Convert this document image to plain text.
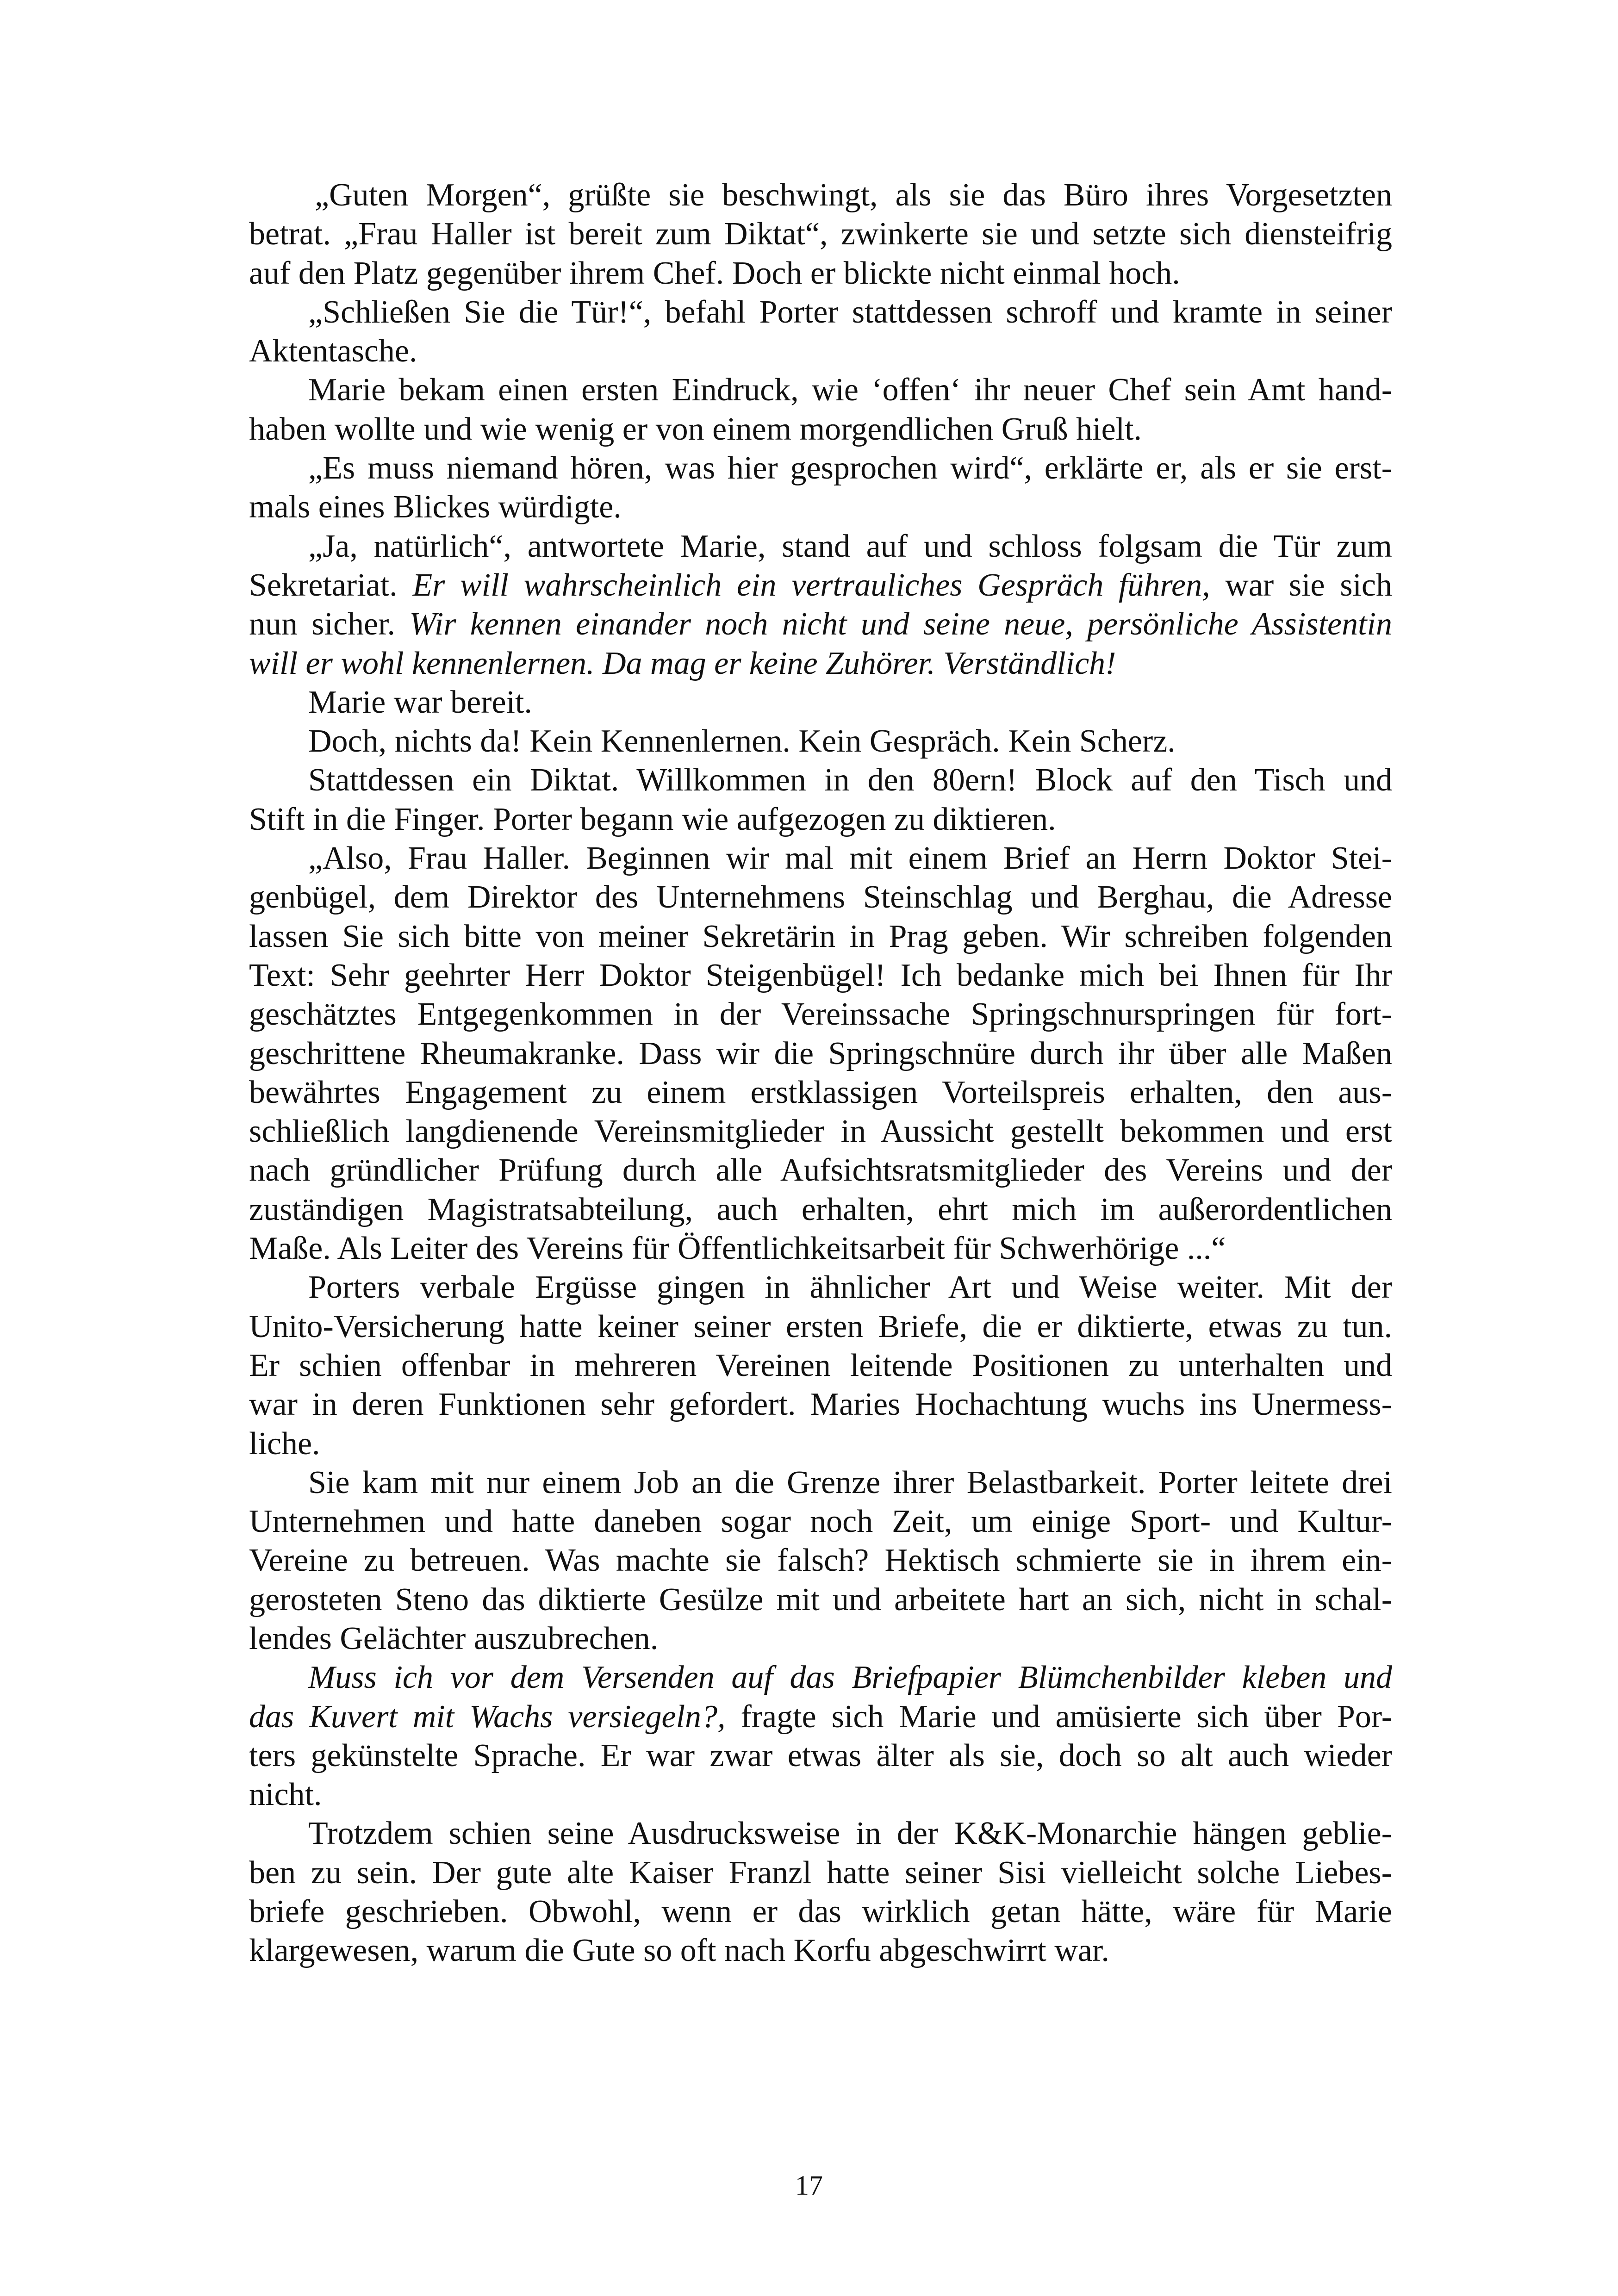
„Guten Morgen“, grüßte sie beschwingt, als sie das Büro ihres Vorgesetzten
betrat. „Frau Haller ist bereit zum Diktat“, zwinkerte sie und setzte sich diensteifrig
auf den Platz gegenüber ihrem Chef. Doch er blickte nicht einmal hoch.
„Schließen Sie die Tür!“, befahl Porter stattdessen schroff und kramte in seiner
Aktentasche.
Marie bekam einen ersten Eindruck, wie ‘offen‘ ihr neuer Chef sein Amt hand-
haben wollte und wie wenig er von einem morgendlichen Gruß hielt.
„Es muss niemand hören, was hier gesprochen wird“, erklärte er, als er sie erst-
mals eines Blickes würdigte.
„Ja, natürlich“, antwortete Marie, stand auf und schloss folgsam die Tür zum
Sekretariat. Er will wahrscheinlich ein vertrauliches Gespräch führen, war sie sich
nun sicher. Wir kennen einander noch nicht und seine neue, persönliche Assistentin
will er wohl kennenlernen. Da mag er keine Zuhörer. Verständlich!
Marie war bereit.
Doch, nichts da! Kein Kennenlernen. Kein Gespräch. Kein Scherz.
Stattdessen ein Diktat. Willkommen in den 80ern! Block auf den Tisch und
Stift in die Finger. Porter begann wie aufgezogen zu diktieren.
„Also, Frau Haller. Beginnen wir mal mit einem Brief an Herrn Doktor Stei-
genbügel, dem Direktor des Unternehmens Steinschlag und Berghau, die Adresse
lassen Sie sich bitte von meiner Sekretärin in Prag geben. Wir schreiben folgenden
Text: Sehr geehrter Herr Doktor Steigenbügel! Ich bedanke mich bei Ihnen für Ihr
geschätztes Entgegenkommen in der Vereinssache Springschnurspringen für fort-
geschrittene Rheumakranke. Dass wir die Springschnüre durch ihr über alle Maßen
bewährtes Engagement zu einem erstklassigen Vorteilspreis erhalten, den aus-
schließlich langdienende Vereinsmitglieder in Aussicht gestellt bekommen und erst
nach gründlicher Prüfung durch alle Aufsichtsratsmitglieder des Vereins und der
zuständigen Magistratsabteilung, auch erhalten, ehrt mich im außerordentlichen
Maße. Als Leiter des Vereins für Öffentlichkeitsarbeit für Schwerhörige ...“
Porters verbale Ergüsse gingen in ähnlicher Art und Weise weiter. Mit der
Unito-Versicherung hatte keiner seiner ersten Briefe, die er diktierte, etwas zu tun.
Er schien offenbar in mehreren Vereinen leitende Positionen zu unterhalten und
war in deren Funktionen sehr gefordert. Maries Hochachtung wuchs ins Unermess-
liche.
Sie kam mit nur einem Job an die Grenze ihrer Belastbarkeit. Porter leitete drei
Unternehmen und hatte daneben sogar noch Zeit, um einige Sport- und Kultur-
Vereine zu betreuen. Was machte sie falsch? Hektisch schmierte sie in ihrem ein-
gerosteten Steno das diktierte Gesülze mit und arbeitete hart an sich, nicht in schal-
lendes Gelächter auszubrechen.
Muss ich vor dem Versenden auf das Briefpapier Blümchenbilder kleben und
das Kuvert mit Wachs versiegeln?, fragte sich Marie und amüsierte sich über Por-
ters gekünstelte Sprache. Er war zwar etwas älter als sie, doch so alt auch wieder
nicht.
Trotzdem schien seine Ausdrucksweise in der K&K-Monarchie hängen geblie-
ben zu sein. Der gute alte Kaiser Franzl hatte seiner Sisi vielleicht solche Liebes-
briefe geschrieben. Obwohl, wenn er das wirklich getan hätte, wäre für Marie
klargewesen, warum die Gute so oft nach Korfu abgeschwirrt war.
17
